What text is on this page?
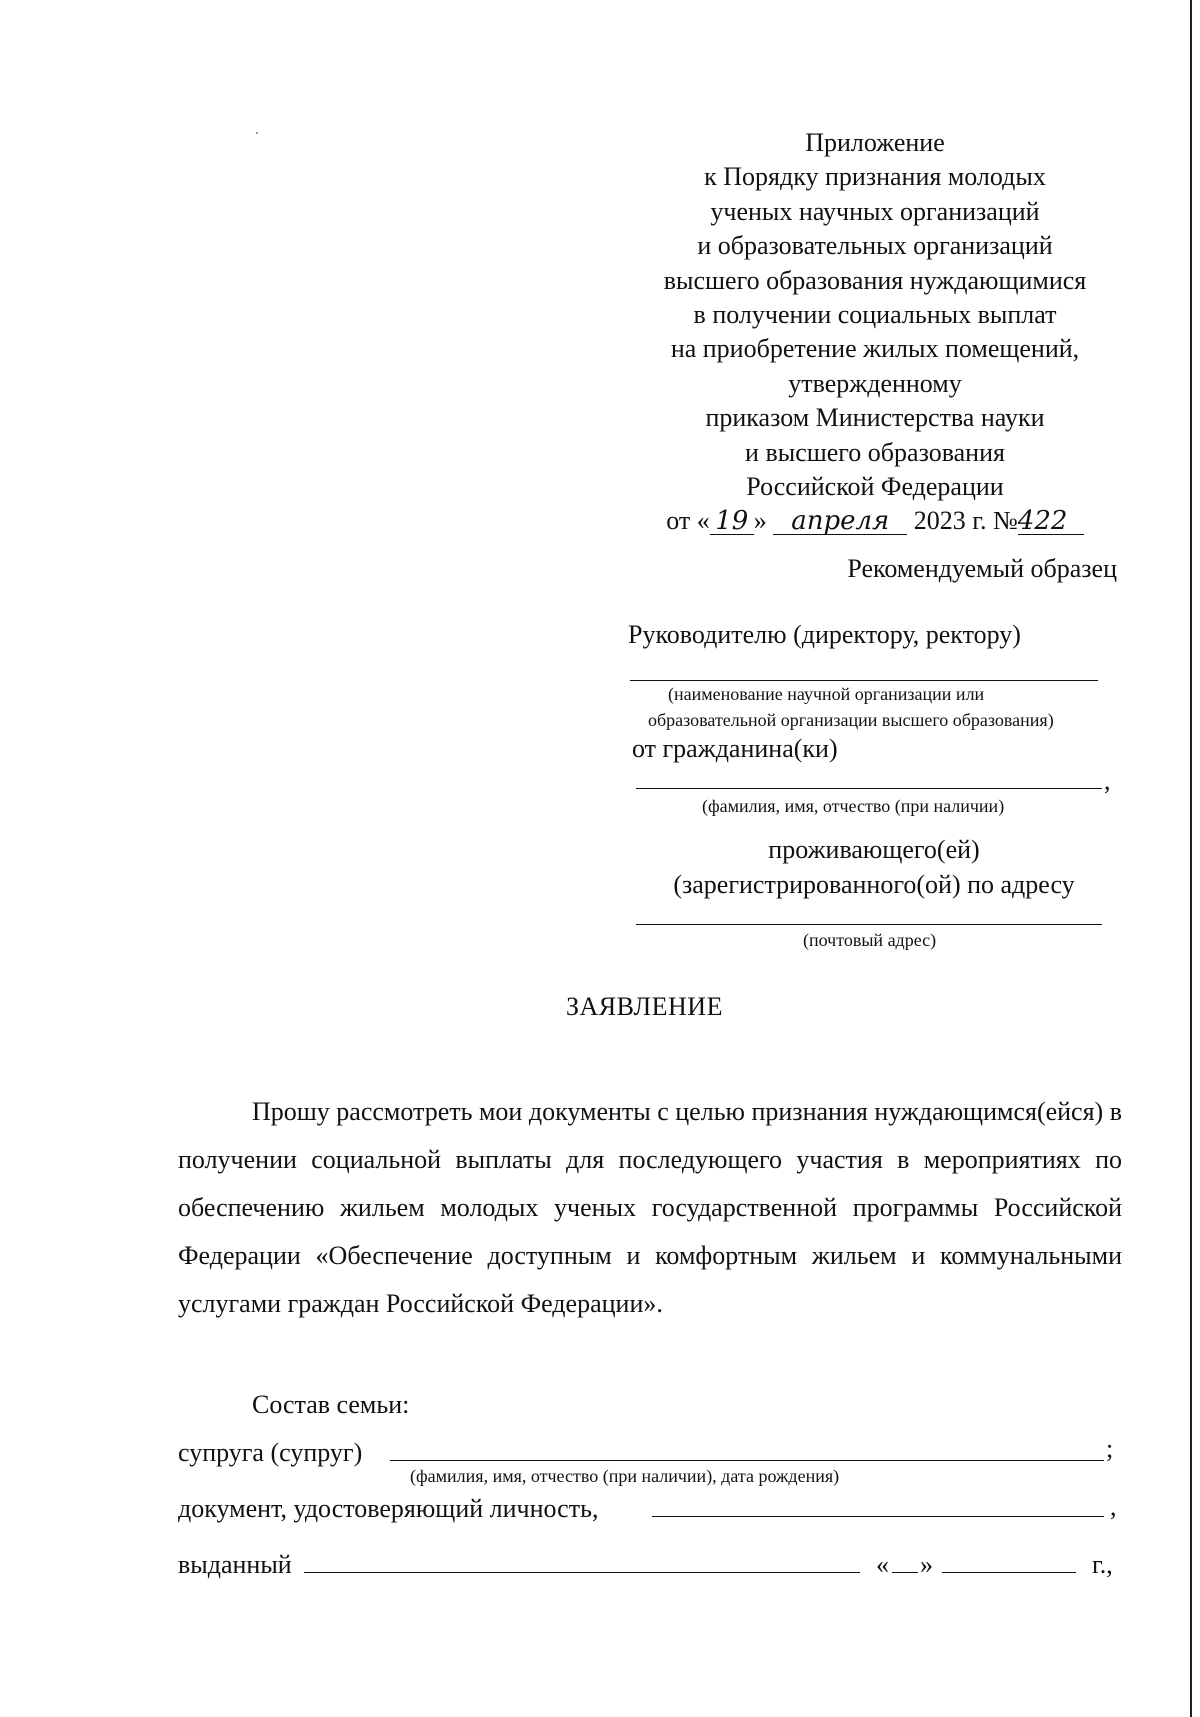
Приложение
к Порядку признания молодых
ученых научных организаций
и образовательных организаций
высшего образования нуждающимися
в получении социальных выплат
на приобретение жилых помещений,
утвержденному
приказом Министерства науки
и высшего образования
Российской Федерации
от « 19 » апреля 2023 г. №422
Рекомендуемый образец
Руководителю (директору, ректору)
(наименование научной организации или
образовательной организации высшего образования)
от гражданина(ки)
,
(фамилия, имя, отчество (при наличии)
проживающего(ей)
(зарегистрированного(ой) по адресу
(почтовый адрес)
ЗАЯВЛЕНИЕ

Прошу рассмотреть мои документы с целью признания нуждающимся(ейся) в получении социальной выплаты для последующего участия в мероприятиях по обеспечению жильем молодых ученых государственной программы Российской Федерации «Обеспечение доступным и комфортным жильем и коммунальными услугами граждан Российской Федерации».

Состав семьи:
супруга (супруг)	;
(фамилия, имя, отчество (при наличии), дата рождения)
документ, удостоверяющий личность,	,
выданный	« »	г.,
